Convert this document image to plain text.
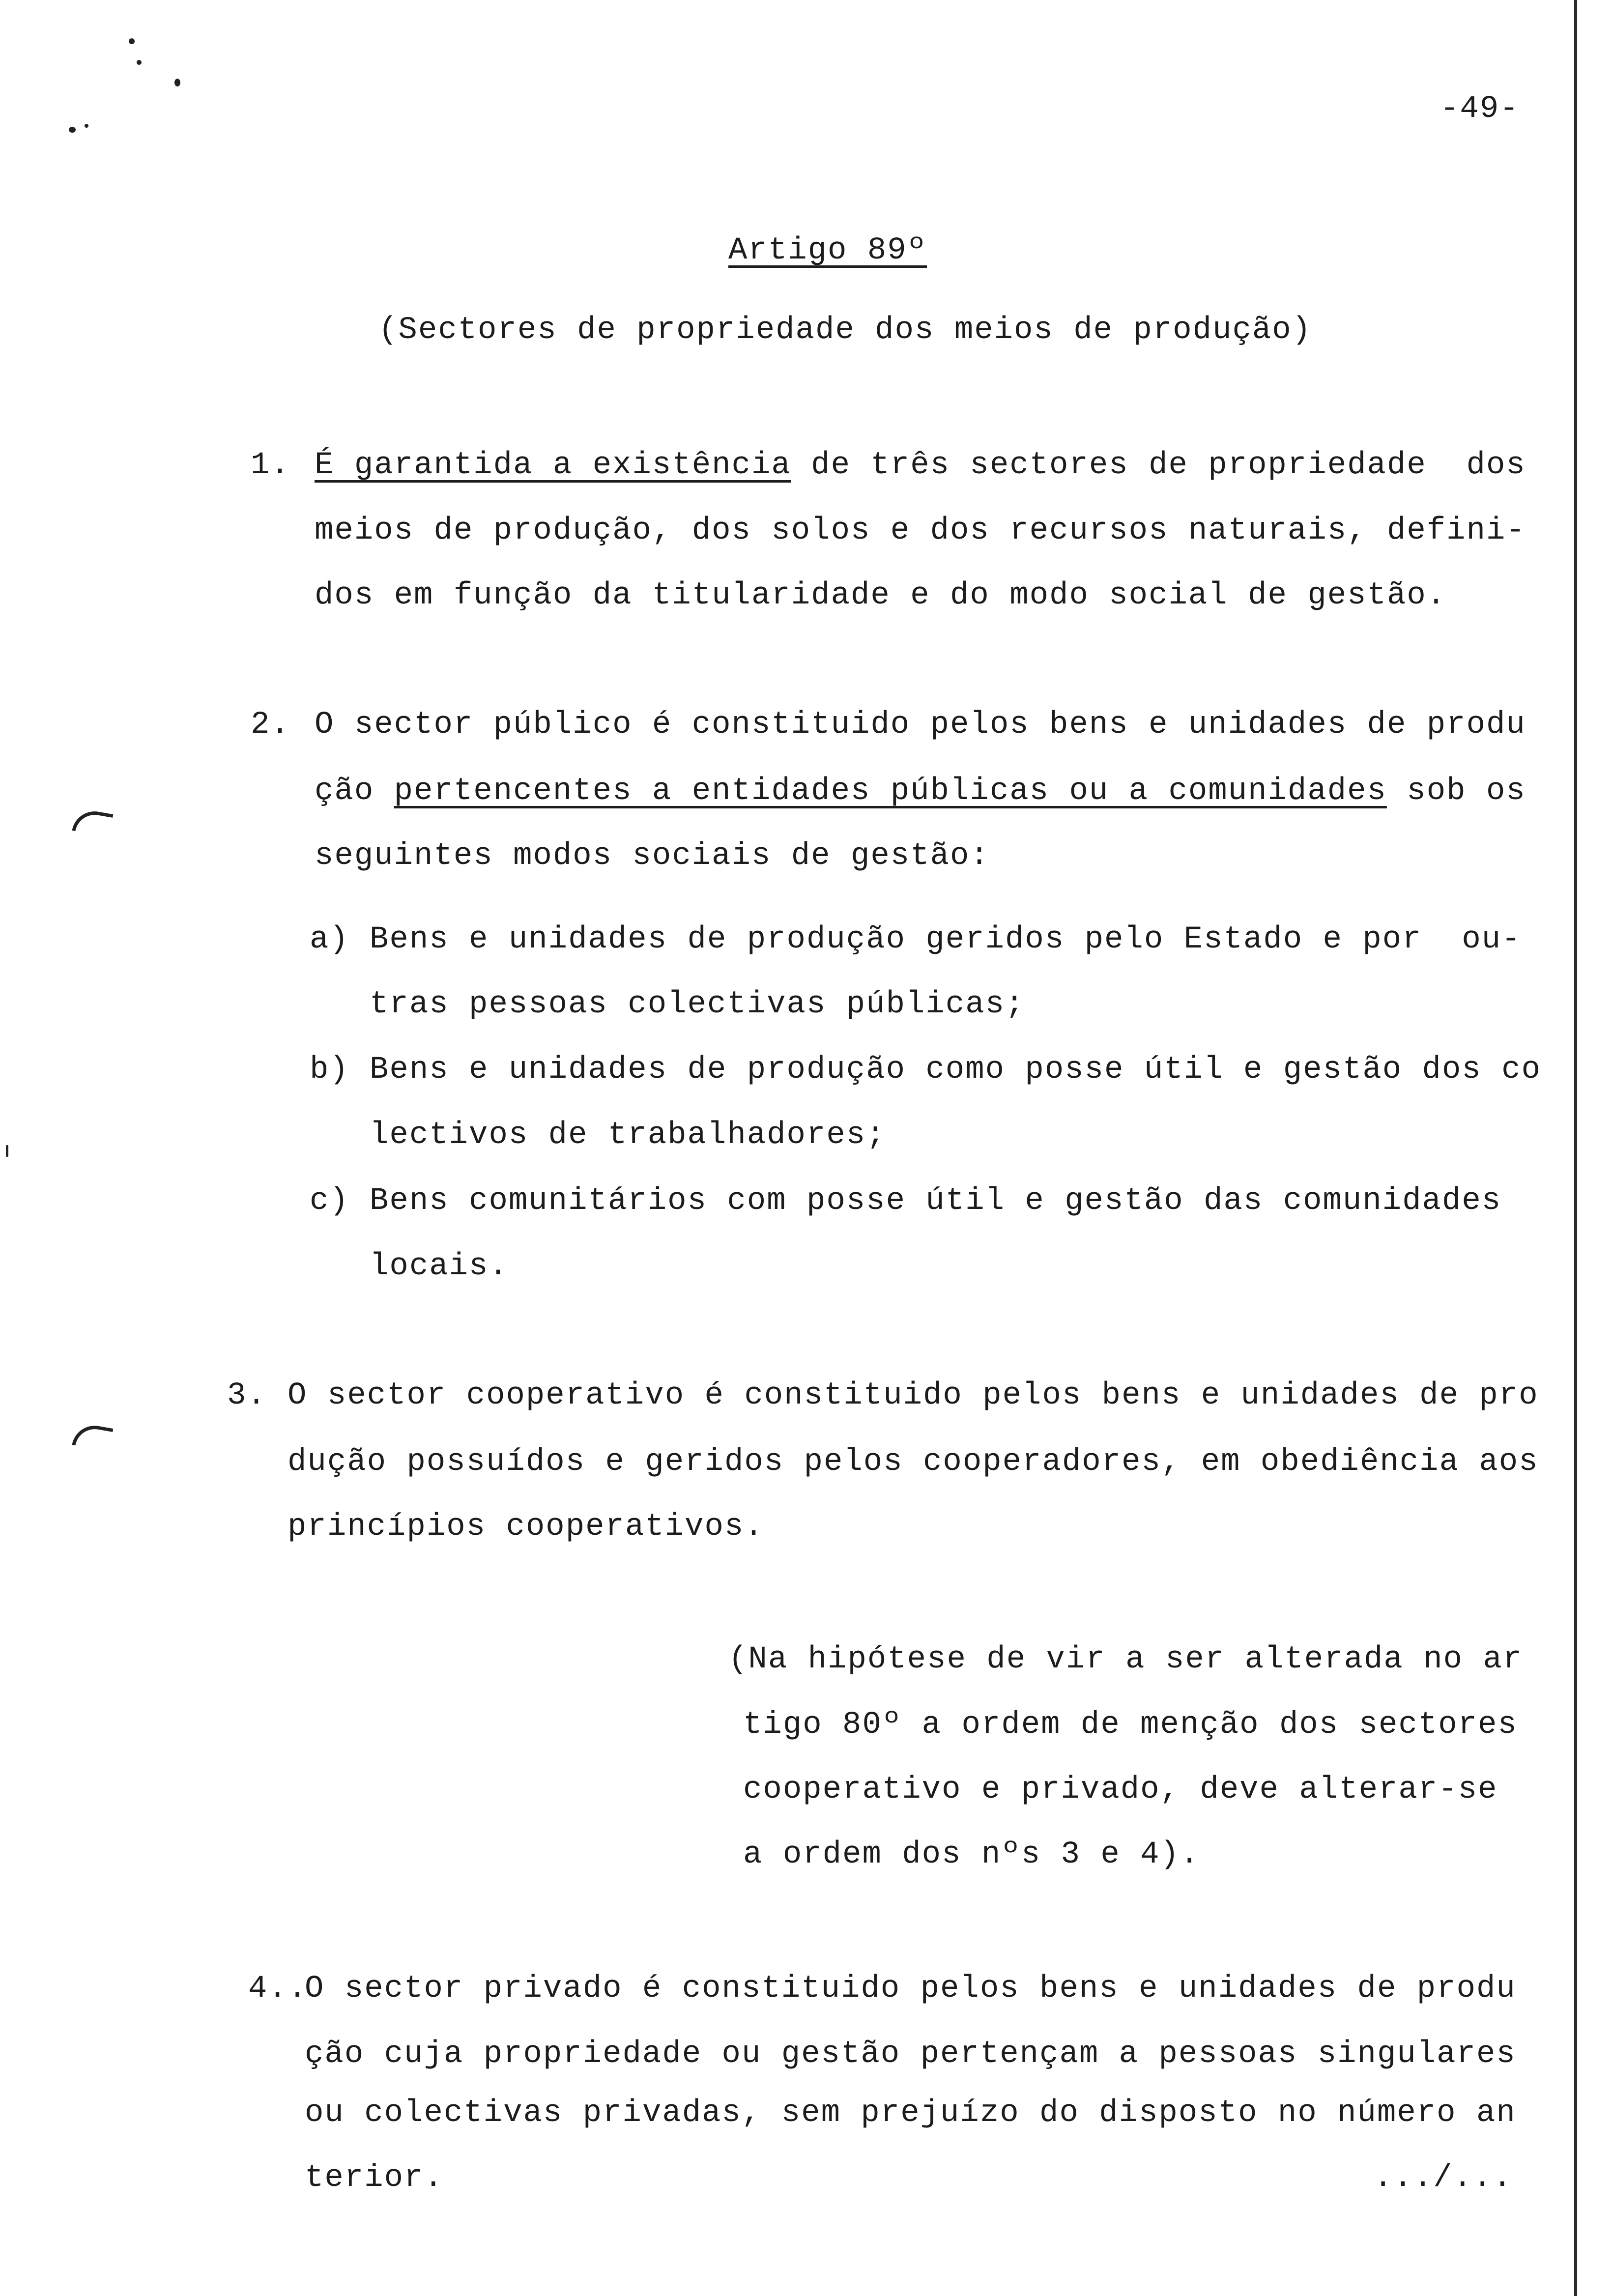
-49-
Artigo 89º
(Sectores de propriedade dos meios de produção)
1. É garantida a existência de três sectores de propriedade  dos
meios de produção, dos solos e dos recursos naturais, defini-
dos em função da titularidade e do modo social de gestão.
2. O sector público é constituido pelos bens e unidades de produ
ção pertencentes a entidades públicas ou a comunidades sob os
seguintes modos sociais de gestão:
a) Bens e unidades de produção geridos pelo Estado e por  ou-
tras pessoas colectivas públicas;
b) Bens e unidades de produção como posse útil e gestão dos co
lectivos de trabalhadores;
c) Bens comunitários com posse útil e gestão das comunidades
locais.
3. O sector cooperativo é constituido pelos bens e unidades de pro
dução possuídos e geridos pelos cooperadores, em obediência aos
princípios cooperativos.
(Na hipótese de vir a ser alterada no ar
tigo 80º a ordem de menção dos sectores
cooperativo e privado, deve alterar-se
a ordem dos nºs 3 e 4).
4..
O sector privado é constituido pelos bens e unidades de produ
ção cuja propriedade ou gestão pertençam a pessoas singulares
ou colectivas privadas, sem prejuízo do disposto no número an
terior.	.../...
